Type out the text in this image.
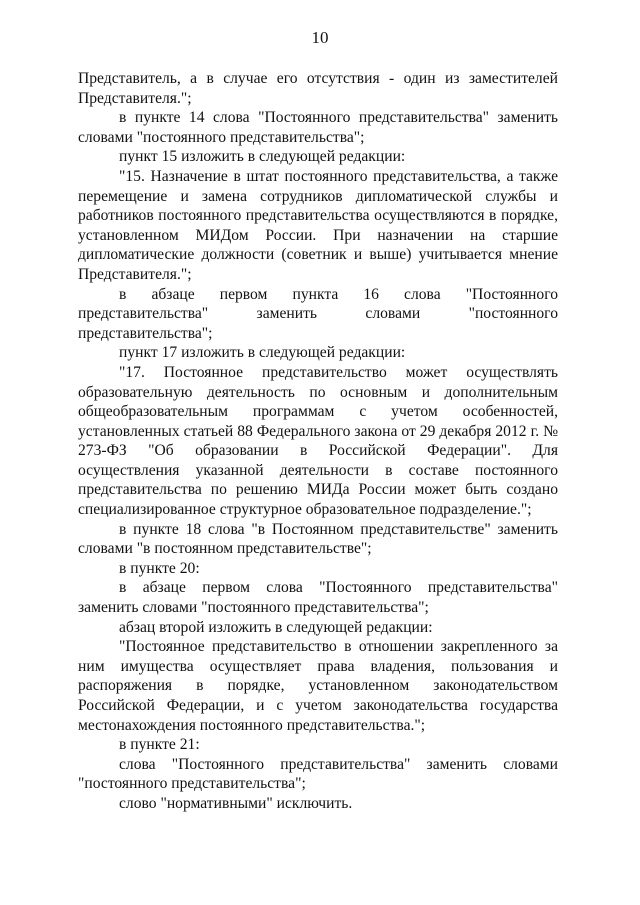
10

Представитель, а в случае его отсутствия - один из заместителей Представителя.";

в пункте 14 слова "Постоянного представительства" заменить словами "постоянного представительства";

пункт 15 изложить в следующей редакции:

"15. Назначение в штат постоянного представительства, а также перемещение и замена сотрудников дипломатической службы и работников постоянного представительства осуществляются в порядке, установленном МИДом России. При назначении на старшие дипломатические должности (советник и выше) учитывается мнение Представителя.";

в абзаце первом пункта 16 слова "Постоянного представительства" заменить словами "постоянного представительства";

пункт 17 изложить в следующей редакции:

"17. Постоянное представительство может осуществлять образовательную деятельность по основным и дополнительным общеобразовательным программам с учетом особенностей, установленных статьей 88 Федерального закона от 29 декабря 2012 г. № 273-ФЗ "Об образовании в Российской Федерации". Для осуществления указанной деятельности в составе постоянного представительства по решению МИДа России может быть создано специализированное структурное образовательное подразделение.";

в пункте 18 слова "в Постоянном представительстве" заменить словами "в постоянном представительстве";

в пункте 20:

в абзаце первом слова "Постоянного представительства" заменить словами "постоянного представительства";

абзац второй изложить в следующей редакции:

"Постоянное представительство в отношении закрепленного за ним имущества осуществляет права владения, пользования и распоряжения в порядке, установленном законодательством Российской Федерации, и с учетом законодательства государства местонахождения постоянного представительства.";

в пункте 21:

слова "Постоянного представительства" заменить словами "постоянного представительства";

слово "нормативными" исключить.
